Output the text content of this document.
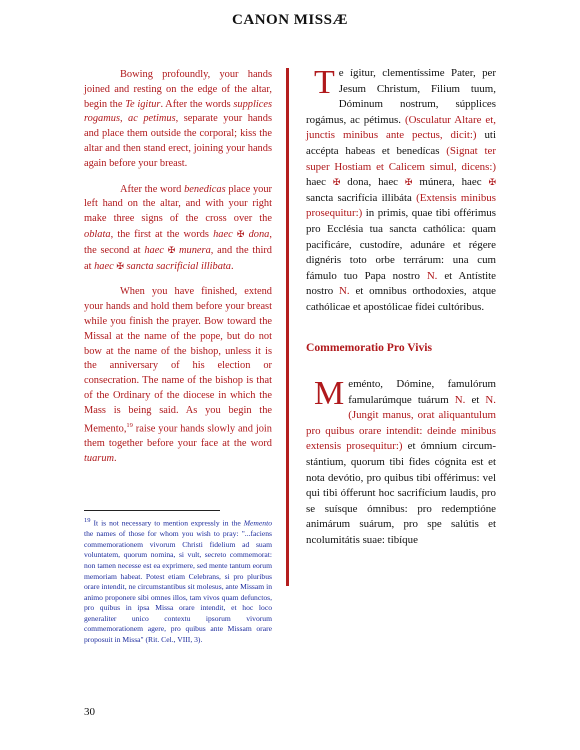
CANON MISSÆ

Bowing profoundly, your hands joined and resting on the edge of the altar, begin the Te igitur. After the words supplices rogamus, ac petimus, separate your hands and place them outside the corporal; kiss the altar and then stand erect, joining your hands again before your breast.

After the word benedicas place your left hand on the altar, and with your right make three signs of the cross over the oblata, the first at the words haec ✠ dona, the second at haec ✠ munera, and the third at haec ✠ sancta sacrificial illibata.

When you have finished, extend your hands and hold them before your breast while you finish the prayer. Bow toward the Missal at the name of the pope, but do not bow at the name of the bishop, unless it is the anniversary of his election or consecration. The name of the bishop is that of the Ordinary of the diocese in which the Mass is being said. As you begin the Memento,$^{19}$ raise your hands slowly and join them together before your face at the word tuarum.

$^{19}$ It is not necessary to mention expressly in the Memento the names of those for whom you wish to pray: "...faciens commemorationem vivorum Christi fidelium ad suam voluntatem, quorum nomina, si vult, secreto commemorat: non tamen necesse est ea exprimere, sed mente tantum eorum memoriam habeat. Potest etiam Celebrans, si pro pluribus orare intendit, ne circumstantibus sit molesus, ante Missam in animo proponere sibi omnes illos, tam vivos quam defunctos, pro quibus in ipsa Missa orare intendit, et hoc loco generaliter unico contextu ipsorum vivorum commemorationem agere, pro quibus ante Missam orare proposuit in Missa" (Rit. Cel., VIII, 3).

Te ígitur, clementíssime Pater, per Jesum Christum, Filium tuum, Dóminum nostrum, súpplices rogámus, ac pétimus. (Osculatur Altare et, junctis minibus ante pectus, dicit:) uti accépta habeas et benedícas (Signat ter super Hostiam et Calicem simul, dicens:) haec ✠ dona, haec ✠ múnera, haec ✠ sancta sacrifícia illibáta (Extensis minibus prosequitur:) in primis, quae tibi offérimus pro Ecclésia tua sancta cathólica: quam pacificáre, custodíre, adunáre et régere dignéris toto orbe terrárum: una cum fámulo tuo Papa nostro N. et Antístite nostro N. et omnibus orthodoxies, atque cathólicae et apostólicae fídei cultóribus.

Commemoratio Pro Vivis

Meménto, Dómine, famulórum famularúmque tuárum N. et N. (Jungit manus, orat aliquantulum pro quibus orare intendit: deinde minibus extensis prosequitur:) et ómnium circum-stántium, quorum tibi fides cógnita est et nota devótio, pro quibus tibi offérimus: vel qui tibi ófferunt hoc sacrifícium laudis, pro se suísque ómnibus: pro redemptióne animárum suárum, pro spe salútis et ncolumitátis suae: tibíque

30
